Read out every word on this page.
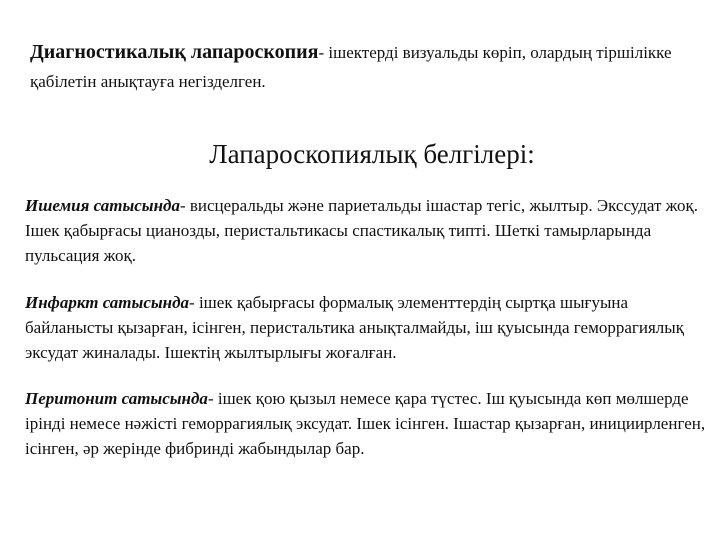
Диагностикалық лапароскопия- ішектерді визуальды көріп, олардың тіршілікке қабілетін анықтауға негізделген.
Лапароскопиялық белгілері:
Ишемия сатысында- висцеральды және париетальды ішастар тегіс, жылтыр. Экссудат жоқ. Ішек қабырғасы цианозды, перистальтикасы спастикалық типті. Шеткі тамырларында пульсация жоқ.
Инфаркт сатысында- ішек қабырғасы формалық элементтердің сыртқа шығуына байланысты қызарған, ісінген, перистальтика анықталмайды, іш қуысында геморрагиялық эксудат жиналады. Ішектің жылтырлығы жоғалған.
Перитонит сатысында- ішек қою қызыл немесе қара түстес. Іш қуысында көп мөлшерде ірінді немесе нәжісті геморрагиялық эксудат. Ішек ісінген. Ішастар қызарған, инициирленген, ісінген, әр жерінде фибринді жабындылар бар.
